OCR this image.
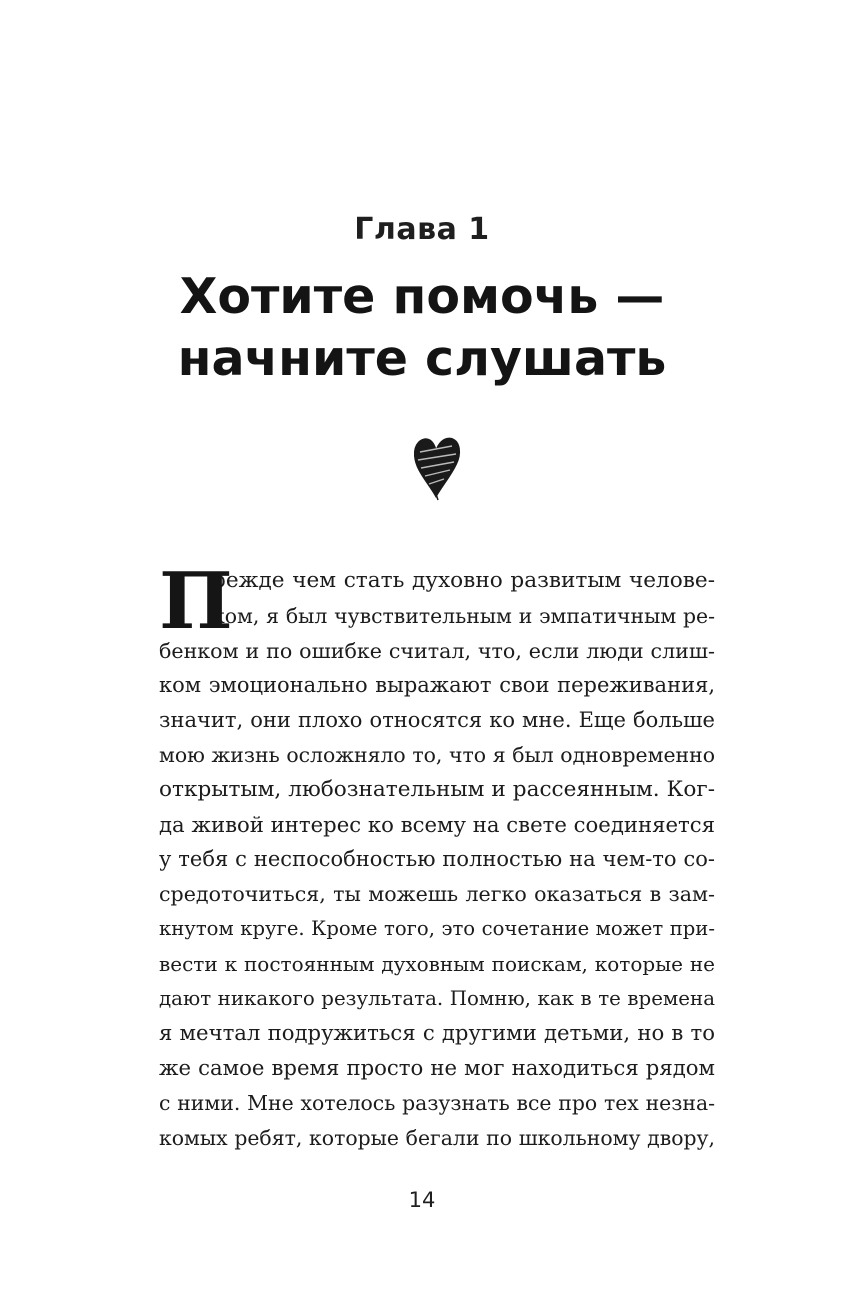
Глава 1
Хотите помочь —
начните слушать
П
режде чем стать духовно развитым челове-
ком, я был чувствительным и эмпатичным ре-
бенком и по ошибке считал, что, если люди слиш-
ком эмоционально выражают свои переживания,
значит, они плохо относятся ко мне. Еще больше
мою жизнь осложняло то, что я был одновременно
открытым, любознательным и рассеянным. Ког-
да живой интерес ко всему на свете соединяется
у тебя с неспособностью полностью на чем-то со-
средоточиться, ты можешь легко оказаться в зам-
кнутом круге. Кроме того, это сочетание может при-
вести к постоянным духовным поискам, которые не
дают никакого результата. Помню, как в те времена
я мечтал подружиться с другими детьми, но в то
же самое время просто не мог находиться рядом
с ними. Мне хотелось разузнать все про тех незна-
комых ребят, которые бегали по школьному двору,
14
